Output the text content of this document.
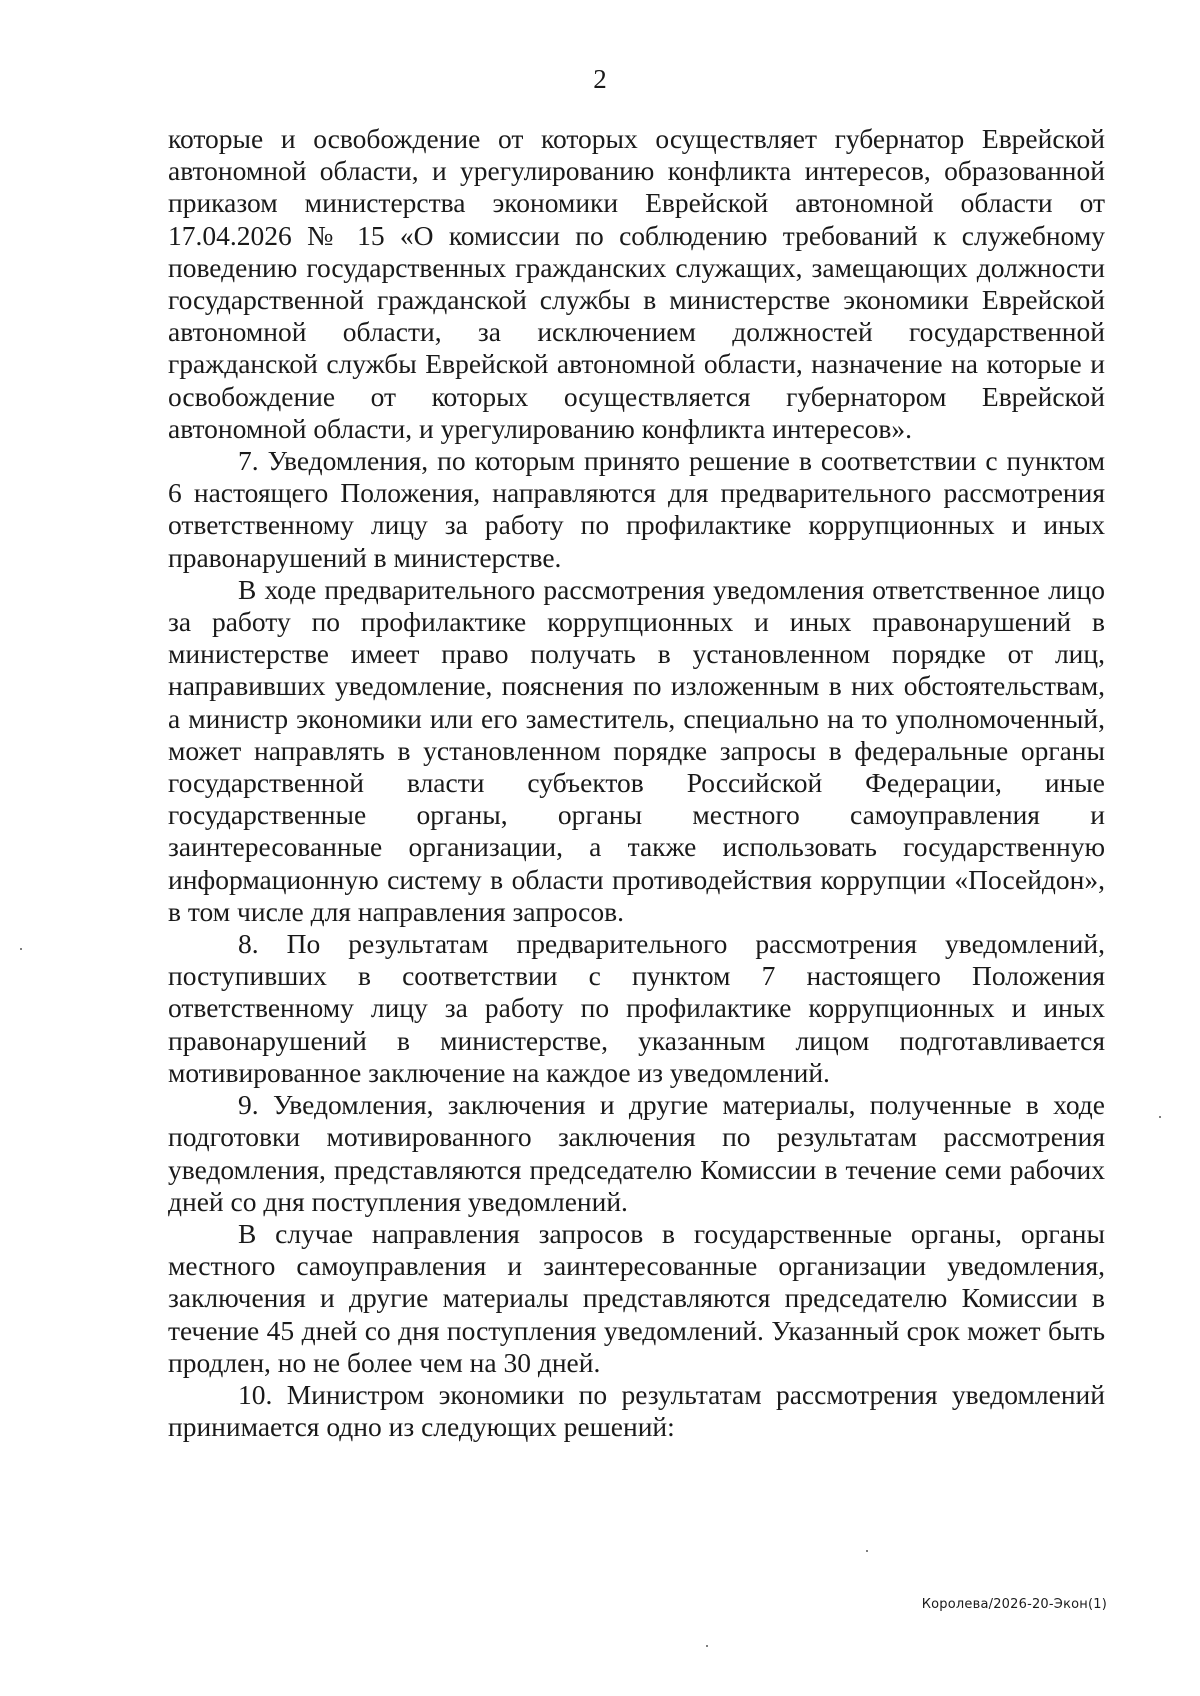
2

которые и освобождение от которых осуществляет губернатор Еврейской автономной области, и урегулированию конфликта интересов, образованной приказом министерства экономики Еврейской автономной области от 17.04.2026 № 15 «О комиссии по соблюдению требований к служебному поведению государственных гражданских служащих, замещающих должности государственной гражданской службы в министерстве экономики Еврейской автономной области, за исключением должностей государственной гражданской службы Еврейской автономной области, назначение на которые и освобождение от которых осуществляется губернатором Еврейской автономной области, и урегулированию конфликта интересов».

7. Уведомления, по которым принято решение в соответствии с пунктом 6 настоящего Положения, направляются для предварительного рассмотрения ответственному лицу за работу по профилактике коррупционных и иных правонарушений в министерстве.

В ходе предварительного рассмотрения уведомления ответственное лицо за работу по профилактике коррупционных и иных правонарушений в министерстве имеет право получать в установленном порядке от лиц, направивших уведомление, пояснения по изложенным в них обстоятельствам, а министр экономики или его заместитель, специально на то уполномоченный, может направлять в установленном порядке запросы в федеральные органы государственной власти субъектов Российской Федерации, иные государственные органы, органы местного самоуправления и заинтересованные организации, а также использовать государственную информационную систему в области противодействия коррупции «Посейдон», в том числе для направления запросов.

8. По результатам предварительного рассмотрения уведомлений, поступивших в соответствии с пунктом 7 настоящего Положения ответственному лицу за работу по профилактике коррупционных и иных правонарушений в министерстве, указанным лицом подготавливается мотивированное заключение на каждое из уведомлений.

9. Уведомления, заключения и другие материалы, полученные в ходе подготовки мотивированного заключения по результатам рассмотрения уведомления, представляются председателю Комиссии в течение семи рабочих дней со дня поступления уведомлений.

В случае направления запросов в государственные органы, органы местного самоуправления и заинтересованные организации уведомления, заключения и другие материалы представляются председателю Комиссии в течение 45 дней со дня поступления уведомлений. Указанный срок может быть продлен, но не более чем на 30 дней.

10. Министром экономики по результатам рассмотрения уведомлений принимается одно из следующих решений:

Королева/2026-20-Экон(1)
